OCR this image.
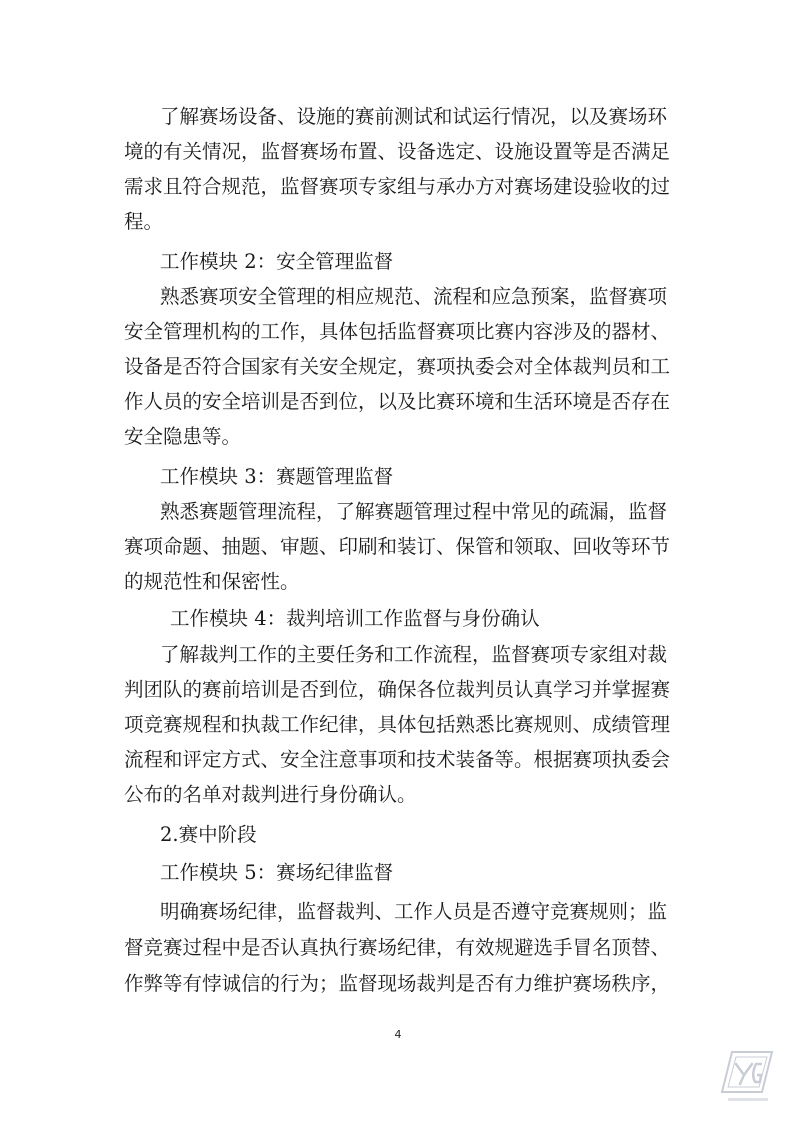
了解赛场设备、设施的赛前测试和试运行情况，以及赛场环
境的有关情况，监督赛场布置、设备选定、设施设置等是否满足
需求且符合规范，监督赛项专家组与承办方对赛场建设验收的过
程。
工作模块 2：安全管理监督
熟悉赛项安全管理的相应规范、流程和应急预案，监督赛项
安全管理机构的工作，具体包括监督赛项比赛内容涉及的器材、
设备是否符合国家有关安全规定，赛项执委会对全体裁判员和工
作人员的安全培训是否到位，以及比赛环境和生活环境是否存在
安全隐患等。
工作模块 3：赛题管理监督
熟悉赛题管理流程，了解赛题管理过程中常见的疏漏，监督
赛项命题、抽题、审题、印刷和装订、保管和领取、回收等环节
的规范性和保密性。
工作模块 4：裁判培训工作监督与身份确认
了解裁判工作的主要任务和工作流程，监督赛项专家组对裁
判团队的赛前培训是否到位，确保各位裁判员认真学习并掌握赛
项竞赛规程和执裁工作纪律，具体包括熟悉比赛规则、成绩管理
流程和评定方式、安全注意事项和技术装备等。根据赛项执委会
公布的名单对裁判进行身份确认。
2.赛中阶段
工作模块 5：赛场纪律监督
明确赛场纪律，监督裁判、工作人员是否遵守竞赛规则；监
督竞赛过程中是否认真执行赛场纪律，有效规避选手冒名顶替、
作弊等有悖诚信的行为；监督现场裁判是否有力维护赛场秩序，
4
